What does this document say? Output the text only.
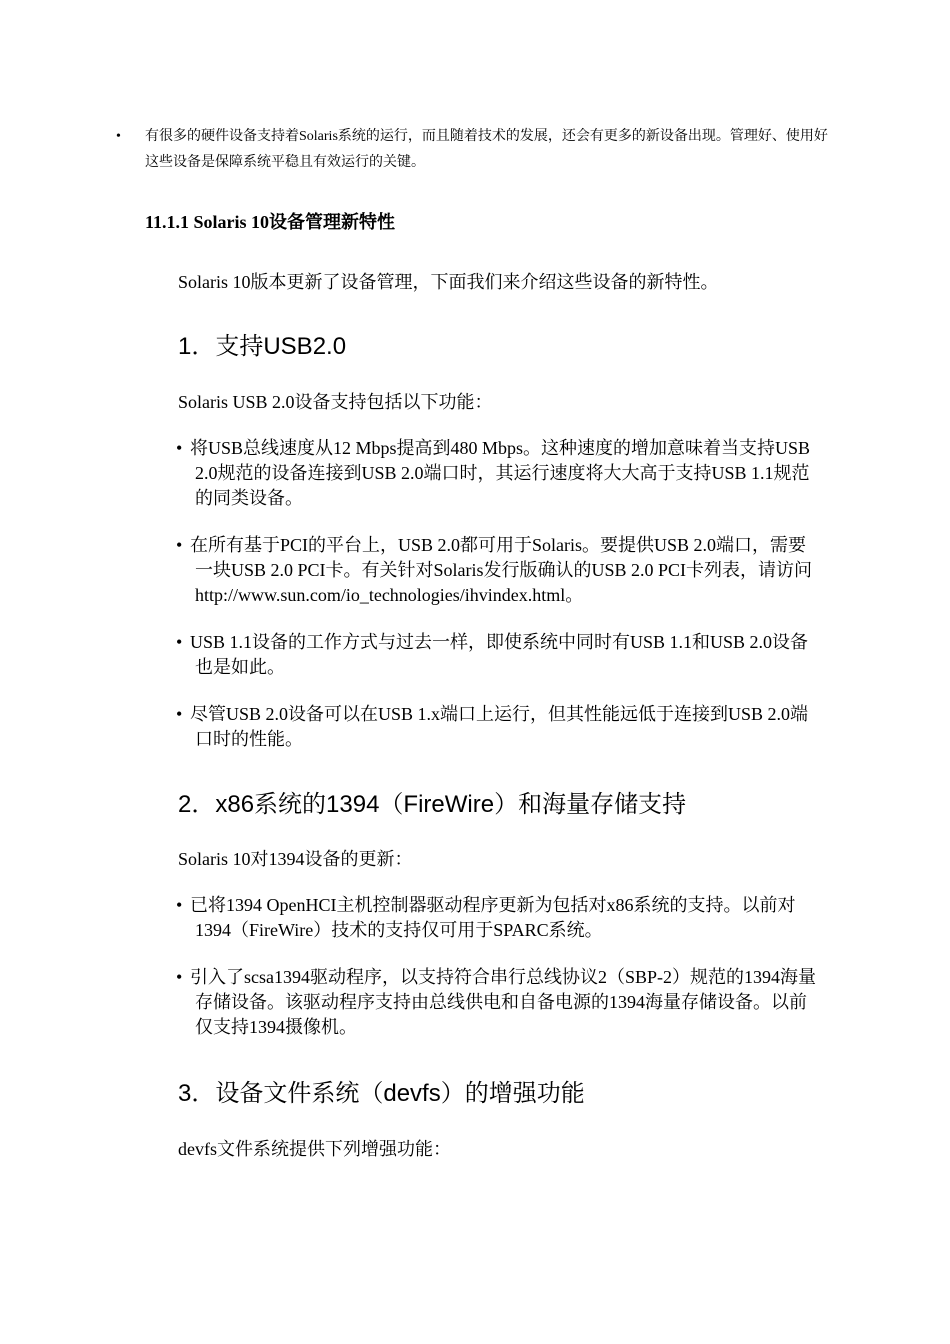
• 有很多的硬件设备支持着Solaris系统的运行，而且随着技术的发展，还会有更多的新设备出现。管理好、使用好这些设备是保障系统平稳且有效运行的关键。
11.1.1 Solaris 10设备管理新特性
Solaris 10版本更新了设备管理，下面我们来介绍这些设备的新特性。
1．支持USB2.0
Solaris USB 2.0设备支持包括以下功能：
• 将USB总线速度从12 Mbps提高到480 Mbps。这种速度的增加意味着当支持USB 2.0规范的设备连接到USB 2.0端口时，其运行速度将大大高于支持USB 1.1规范的同类设备。
• 在所有基于PCI的平台上，USB 2.0都可用于Solaris。要提供USB 2.0端口，需要一块USB 2.0 PCI卡。有关针对Solaris发行版确认的USB 2.0 PCI卡列表，请访问http://www.sun.com/io_technologies/ihvindex.html。
• USB 1.1设备的工作方式与过去一样，即使系统中同时有USB 1.1和USB 2.0设备也是如此。
• 尽管USB 2.0设备可以在USB 1.x端口上运行，但其性能远低于连接到USB 2.0端口时的性能。
2．x86系统的1394（FireWire）和海量存储支持
Solaris 10对1394设备的更新：
• 已将1394 OpenHCI主机控制器驱动程序更新为包括对x86系统的支持。以前对1394（FireWire）技术的支持仅可用于SPARC系统。
• 引入了scsa1394驱动程序，以支持符合串行总线协议2（SBP-2）规范的1394海量存储设备。该驱动程序支持由总线供电和自备电源的1394海量存储设备。以前仅支持1394摄像机。
3．设备文件系统（devfs）的增强功能
devfs文件系统提供下列增强功能：
